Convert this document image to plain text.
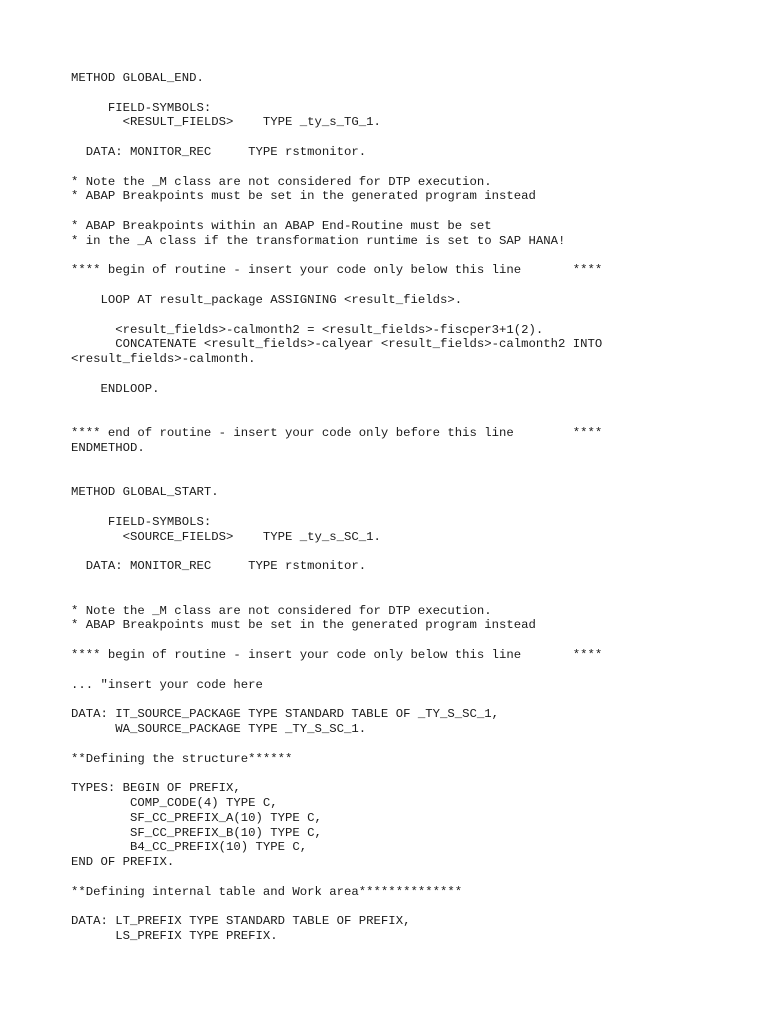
METHOD GLOBAL_END.
FIELD-SYMBOLS:
<RESULT_FIELDS>    TYPE _ty_s_TG_1.
DATA: MONITOR_REC     TYPE rstmonitor.
* Note the _M class are not considered for DTP execution.
* ABAP Breakpoints must be set in the generated program instead
* ABAP Breakpoints within an ABAP End-Routine must be set
* in the _A class if the transformation runtime is set to SAP HANA!
**** begin of routine - insert your code only below this line       ****
LOOP AT result_package ASSIGNING <result_fields>.
<result_fields>-calmonth2 = <result_fields>-fiscper3+1(2).
CONCATENATE <result_fields>-calyear <result_fields>-calmonth2 INTO
<result_fields>-calmonth.
ENDLOOP.
**** end of routine - insert your code only before this line        ****
ENDMETHOD.
METHOD GLOBAL_START.
FIELD-SYMBOLS:
<SOURCE_FIELDS>    TYPE _ty_s_SC_1.
DATA: MONITOR_REC     TYPE rstmonitor.
* Note the _M class are not considered for DTP execution.
* ABAP Breakpoints must be set in the generated program instead
**** begin of routine - insert your code only below this line       ****
... "insert your code here
DATA: IT_SOURCE_PACKAGE TYPE STANDARD TABLE OF _TY_S_SC_1,
WA_SOURCE_PACKAGE TYPE _TY_S_SC_1.
**Defining the structure******
TYPES: BEGIN OF PREFIX,
COMP_CODE(4) TYPE C,
SF_CC_PREFIX_A(10) TYPE C,
SF_CC_PREFIX_B(10) TYPE C,
B4_CC_PREFIX(10) TYPE C,
END OF PREFIX.
**Defining internal table and Work area**************
DATA: LT_PREFIX TYPE STANDARD TABLE OF PREFIX,
LS_PREFIX TYPE PREFIX.
